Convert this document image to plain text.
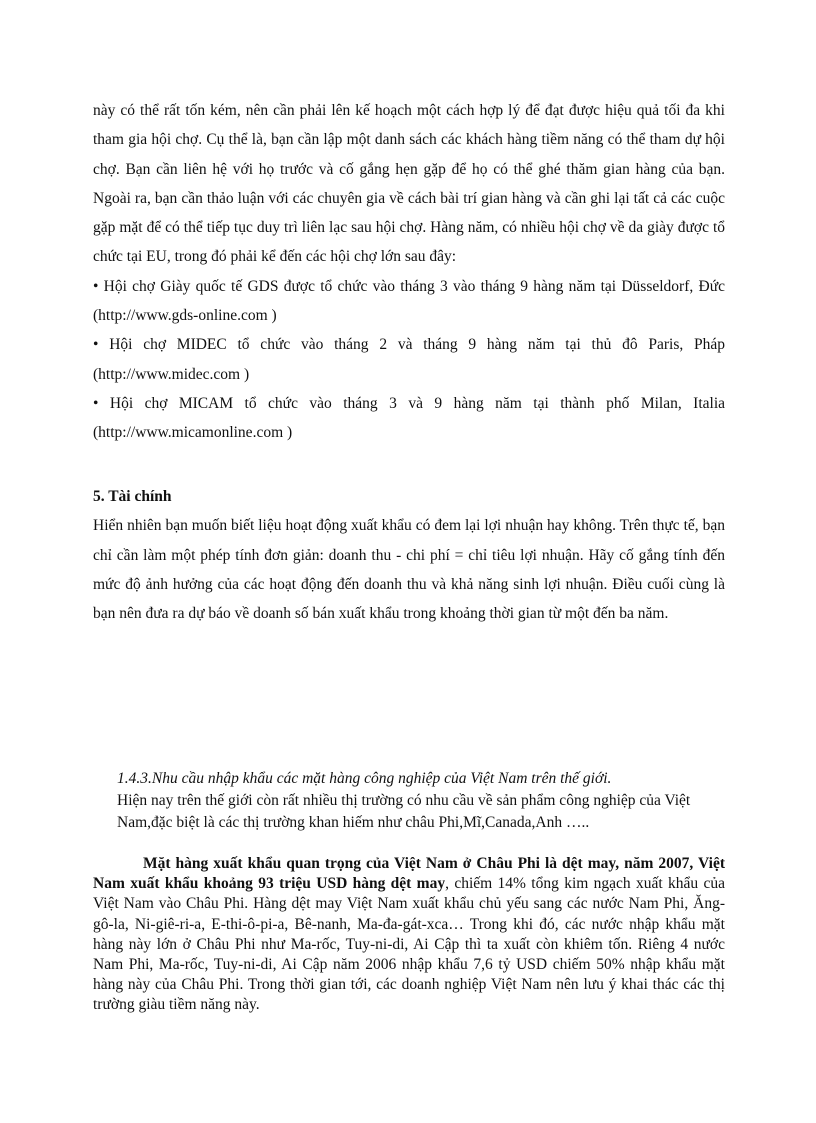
này có thể rất tốn kém, nên cần phải lên kế hoạch một cách hợp lý để đạt được hiệu quả tối đa khi tham gia hội chợ. Cụ thể là, bạn cần lập một danh sách các khách hàng tiềm năng có thể tham dự hội chợ. Bạn cần liên hệ với họ trước và cố gắng hẹn gặp để họ có thể ghé thăm gian hàng của bạn. Ngoài ra, bạn cần thảo luận với các chuyên gia về cách bài trí gian hàng và cần ghi lại tất cả các cuộc gặp mặt để có thể tiếp tục duy trì liên lạc sau hội chợ. Hàng năm, có nhiều hội chợ về da giày được tổ chức tại EU, trong đó phải kể đến các hội chợ lớn sau đây:

• Hội chợ Giày quốc tế GDS được tổ chức vào tháng 3 vào tháng 9 hàng năm tại Düsseldorf, Đức (http://www.gds-online.com )

• Hội chợ MIDEC tổ chức vào tháng 2 và tháng 9 hàng năm tại thủ đô Paris, Pháp (http://www.midec.com )

• Hội chợ MICAM tổ chức vào tháng 3 và 9 hàng năm tại thành phố Milan, Italia (http://www.micamonline.com )

5. Tài chính

Hiển nhiên bạn muốn biết liệu hoạt động xuất khẩu có đem lại lợi nhuận hay không. Trên thực tế, bạn chỉ cần làm một phép tính đơn giản: doanh thu - chi phí = chỉ tiêu lợi nhuận. Hãy cố gắng tính đến mức độ ảnh hưởng của các hoạt động đến doanh thu và khả năng sinh lợi nhuận. Điều cuối cùng là bạn nên đưa ra dự báo về doanh số bán xuất khẩu trong khoảng thời gian từ một đến ba năm.

1.4.3.Nhu cầu nhập khẩu các mặt hàng công nghiệp của Việt Nam trên thế giới.

Hiện nay trên thế giới còn rất nhiều thị trường có nhu cầu về sản phẩm công nghiệp của Việt Nam,đặc biệt là các thị trường khan hiếm như châu Phi,Mĩ,Canada,Anh …..

Mặt hàng xuất khẩu quan trọng của Việt Nam ở Châu Phi là dệt may, năm 2007, Việt Nam xuất khẩu khoảng 93 triệu USD hàng dệt may, chiếm 14% tổng kim ngạch xuất khẩu của Việt Nam vào Châu Phi. Hàng dệt may Việt Nam xuất khẩu chủ yếu sang các nước Nam Phi, Ăng-gô-la, Ni-giê-ri-a, E-thi-ô-pi-a, Bê-nanh, Ma-đa-gát-xca… Trong khi đó, các nước nhập khẩu mặt hàng này lớn ở Châu Phi như Ma-rốc, Tuy-ni-di, Ai Cập thì ta xuất còn khiêm tốn. Riêng 4 nước Nam Phi, Ma-rốc, Tuy-ni-di, Ai Cập năm 2006 nhập khẩu 7,6 tỷ USD chiếm 50% nhập khẩu mặt hàng này của Châu Phi. Trong thời gian tới, các doanh nghiệp Việt Nam nên lưu ý khai thác các thị trường giàu tiềm năng này.
